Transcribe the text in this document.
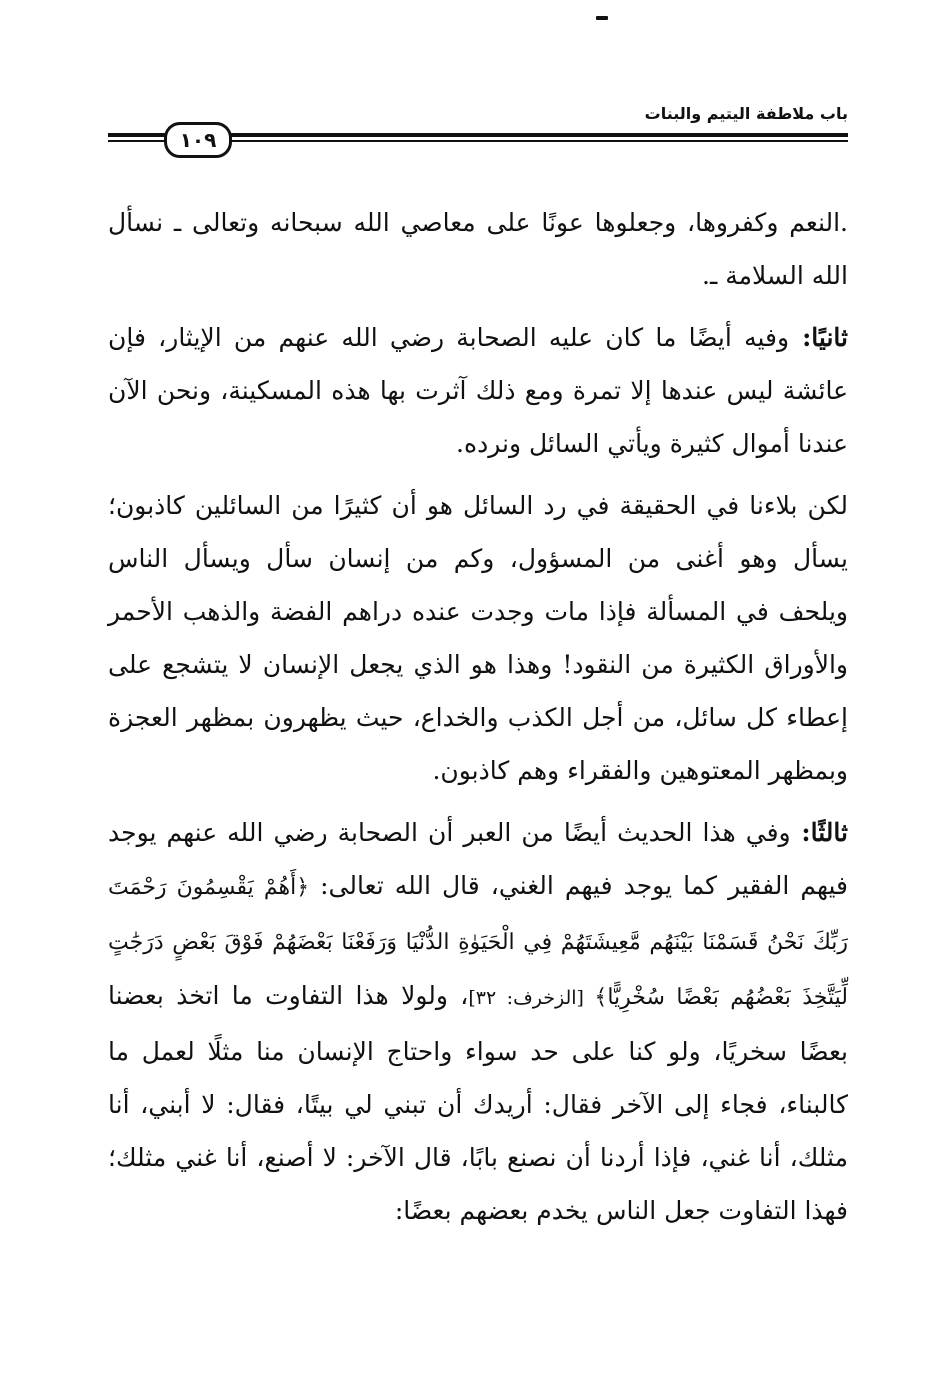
باب ملاطفة اليتيم والبنات
١٠٩

.النعم وكفروها، وجعلوها عونًا على معاصي الله سبحانه وتعالى ـ نسأل الله السلامة ـ.

ثانيًا: وفيه أيضًا ما كان عليه الصحابة رضي الله عنهم من الإيثار، فإن عائشة ليس عندها إلا تمرة ومع ذلك آثرت بها هذه المسكينة، ونحن الآن عندنا أموال كثيرة ويأتي السائل ونرده.

لكن بلاءنا في الحقيقة في رد السائل هو أن كثيرًا من السائلين كاذبون؛ يسأل وهو أغنى من المسؤول، وكم من إنسان سأل ويسأل الناس ويلحف في المسألة فإذا مات وجدت عنده دراهم الفضة والذهب الأحمر والأوراق الكثيرة من النقود! وهذا هو الذي يجعل الإنسان لا يتشجع على إعطاء كل سائل، من أجل الكذب والخداع، حيث يظهرون بمظهر العجزة وبمظهر المعتوهين والفقراء وهم كاذبون.

ثالثًا: وفي هذا الحديث أيضًا من العبر أن الصحابة رضي الله عنهم يوجد فيهم الفقير كما يوجد فيهم الغني، قال الله تعالى: ﴿أَهُمْ يَقْسِمُونَ رَحْمَتَ رَبِّكَ نَحْنُ قَسَمْنَا بَيْنَهُم مَّعِيشَتَهُمْ فِي الْحَيَوٰةِ الدُّنْيَا وَرَفَعْنَا بَعْضَهُمْ فَوْقَ بَعْضٍ دَرَجَٰتٍ لِّيَتَّخِذَ بَعْضُهُم بَعْضًا سُخْرِيًّا﴾ [الزخرف: ٣٢]، ولولا هذا التفاوت ما اتخذ بعضنا بعضًا سخريًا، ولو كنا على حد سواء واحتاج الإنسان منا مثلًا لعمل ما كالبناء، فجاء إلى الآخر فقال: أريدك أن تبني لي بيتًا، فقال: لا أبني، أنا مثلك، أنا غني، فإذا أردنا أن نصنع بابًا، قال الآخر: لا أصنع، أنا غني مثلك؛ فهذا التفاوت جعل الناس يخدم بعضهم بعضًا:
